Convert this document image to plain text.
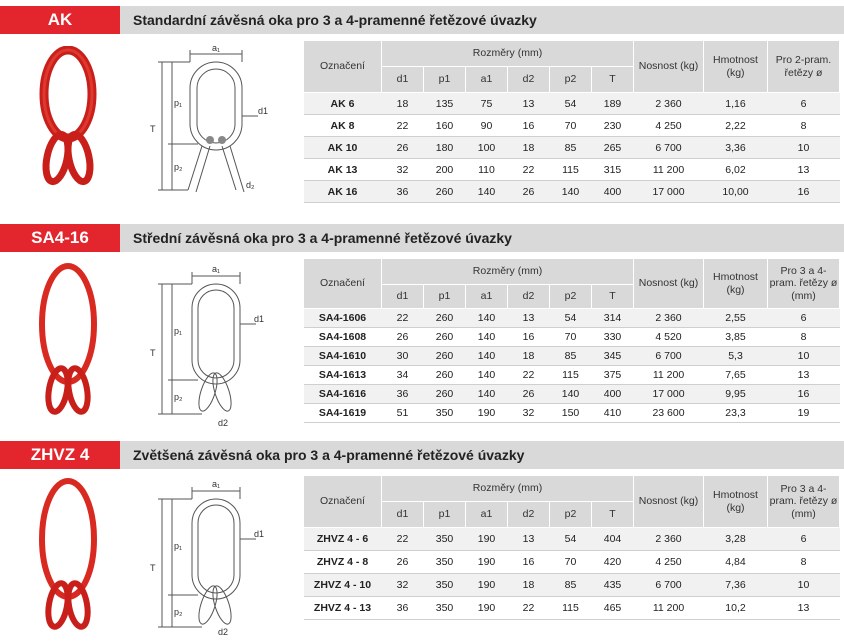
AK	Standardní závěsná oka pro 3 a 4-pramenné řetězové úvazky
a₁
p₁
p₂
T
d1
d₂
Označení	Rozměry (mm)						Nosnost (kg)	Hmotnost (kg)	Pro 2-pram. řetězy ø
	d1	p1	a1	d2	p2	T			
AK 6	18	135	75	13	54	189	2 360	1,16	6
AK 8	22	160	90	16	70	230	4 250	2,22	8
AK 10	26	180	100	18	85	265	6 700	3,36	10
AK 13	32	200	110	22	115	315	11 200	6,02	13
AK 16	36	260	140	26	140	400	17 000	10,00	16
SA4-16	Střední závěsná oka pro 3 a 4-pramenné řetězové úvazky
a₁
p₁
p₂
T
d1
d2
Označení	Rozměry (mm)						Nosnost (kg)	Hmotnost (kg)	Pro 3 a 4-pram. řetězy ø (mm)
	d1	p1	a1	d2	p2	T			
SA4-1606	22	260	140	13	54	314	2 360	2,55	6
SA4-1608	26	260	140	16	70	330	4 520	3,85	8
SA4-1610	30	260	140	18	85	345	6 700	5,3	10
SA4-1613	34	260	140	22	115	375	11 200	7,65	13
SA4-1616	36	260	140	26	140	400	17 000	9,95	16
SA4-1619	51	350	190	32	150	410	23 600	23,3	19
ZHVZ 4	Zvětšená závěsná oka pro 3 a 4-pramenné řetězové úvazky
a₁
p₁
p₂
T
d1
d2
Označení	Rozměry (mm)						Nosnost (kg)	Hmotnost (kg)	Pro 3 a 4-pram. řetězy ø (mm)
	d1	p1	a1	d2	p2	T			
ZHVZ 4 - 6	22	350	190	13	54	404	2 360	3,28	6
ZHVZ 4 - 8	26	350	190	16	70	420	4 250	4,84	8
ZHVZ 4 - 10	32	350	190	18	85	435	6 700	7,36	10
ZHVZ 4 - 13	36	350	190	22	115	465	11 200	10,2	13
